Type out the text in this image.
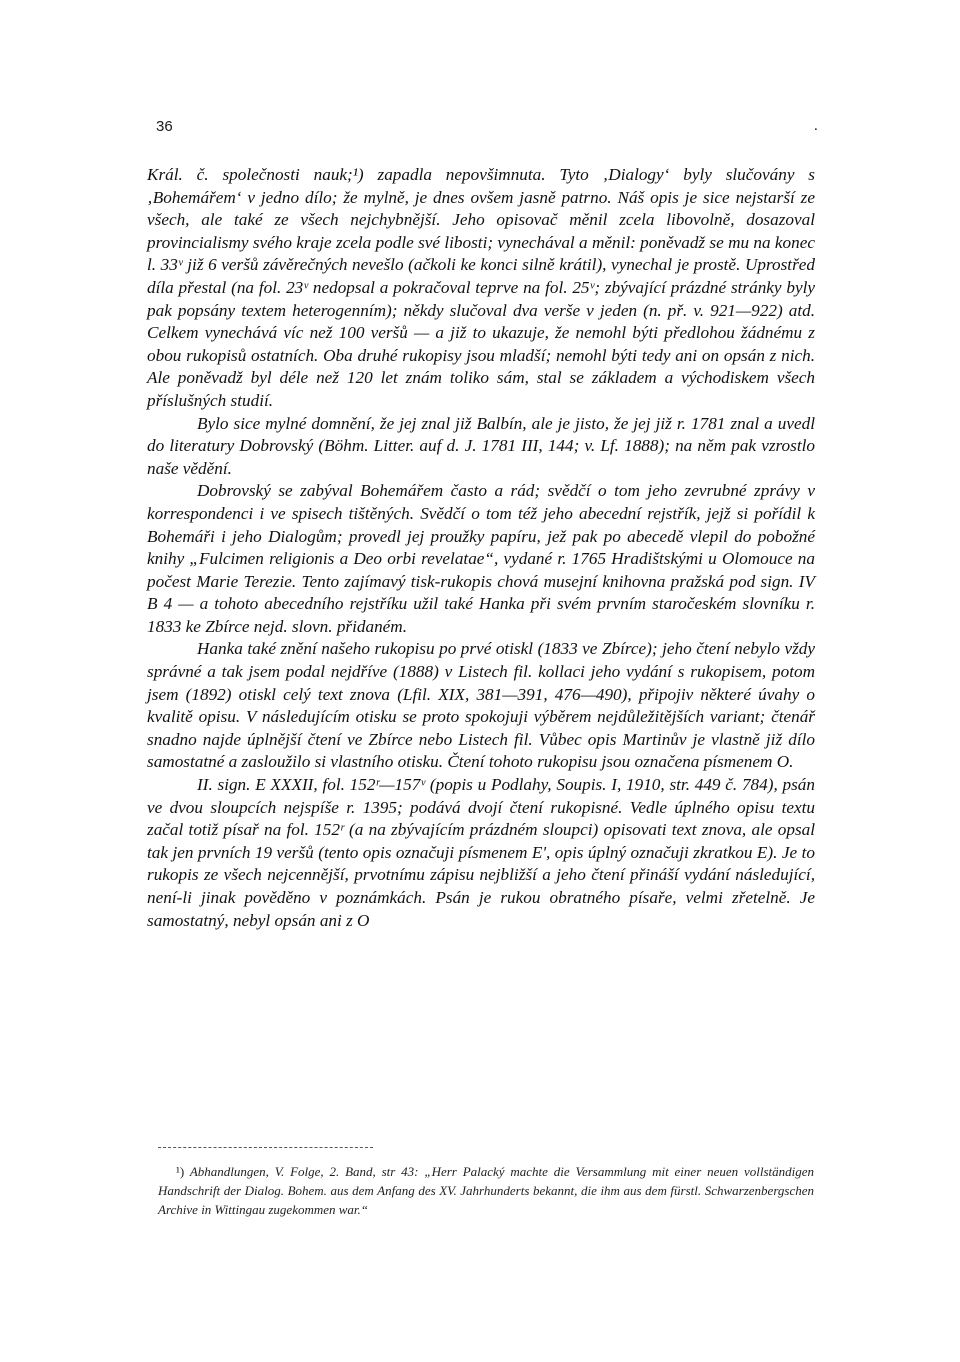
36	.

Král. č. společnosti nauk;¹) zapadla nepovšimnuta. Tyto ‚Dialogy‘ byly slučovány s ‚Bohemářem‘ v jedno dílo; že mylně, je dnes ovšem jasně patrno. Náš opis je sice nejstarší ze všech, ale také ze všech nejchybnější. Jeho opisovač měnil zcela libovolně, dosazoval provincialismy svého kraje zcela podle své libosti; vynechával a měnil: poněvadž se mu na konec l. 33ᵛ již 6 veršů závěrečných nevešlo (ačkoli ke konci silně krátil), vynechal je prostě. Uprostřed díla přestal (na fol. 23ᵛ nedopsal a pokračoval teprve na fol. 25ᵛ; zbývající prázdné stránky byly pak popsány textem heterogenním); někdy slučoval dva verše v jeden (n. př. v. 921—922) atd. Celkem vynechává víc než 100 veršů — a již to ukazuje, že nemohl býti předlohou žádnému z obou rukopisů ostatních. Oba druhé rukopisy jsou mladší; nemohl býti tedy ani on opsán z nich. Ale poněvadž byl déle než 120 let znám toliko sám, stal se základem a východiskem všech příslušných studií.

Bylo sice mylné domnění, že jej znal již Balbín, ale je jisto, že jej již r. 1781 znal a uvedl do literatury Dobrovský (Böhm. Litter. auf d. J. 1781 III, 144; v. Lf. 1888); na něm pak vzrostlo naše vědění.

Dobrovský se zabýval Bohemářem často a rád; svědčí o tom jeho zevrubné zprávy v korrespondenci i ve spisech tištěných. Svědčí o tom též jeho abecední rejstřík, jejž si pořídil k Bohemáři i jeho Dialogům; provedl jej proužky papíru, jež pak po abecedě vlepil do pobožné knihy „Fulcimen religionis a Deo orbi revelatae“, vydané r. 1765 Hradištskými u Olomouce na počest Marie Terezie. Tento zajímavý tisk-rukopis chová musejní knihovna pražská pod sign. IV B 4 — a tohoto abecedního rejstříku užil také Hanka při svém prvním staročeském slovníku r. 1833 ke Zbírce nejd. slovn. přidaném.

Hanka také znění našeho rukopisu po prvé otiskl (1833 ve Zbírce); jeho čtení nebylo vždy správné a tak jsem podal nejdříve (1888) v Listech fil. kollaci jeho vydání s rukopisem, potom jsem (1892) otiskl celý text znova (Lfil. XIX, 381—391, 476—490), připojiv některé úvahy o kvalitě opisu. V následujícím otisku se proto spokojuji výběrem nejdůležitějších variant; čtenář snadno najde úplnější čtení ve Zbírce nebo Listech fil. Vůbec opis Martinův je vlastně již dílo samostatné a zasloužilo si vlastního otisku. Čtení tohoto rukopisu jsou označena písmenem O.

II. sign. E XXXII, fol. 152ʳ—157ᵛ (popis u Podlahy, Soupis. I, 1910, str. 449 č. 784), psán ve dvou sloupcích nejspíše r. 1395; podává dvojí čtení rukopisné. Vedle úplného opisu textu začal totiž písař na fol. 152ʳ (a na zbývajícím prázdném sloupci) opisovati text znova, ale opsal tak jen prvních 19 veršů (tento opis označuji písmenem E', opis úplný označuji zkratkou E). Je to rukopis ze všech nejcennější, prvotnímu zápisu nejbližší a jeho čtení přináší vydání následující, není-li jinak pověděno v poznámkách. Psán je rukou obratného písaře, velmi zřetelně. Je samostatný, nebyl opsán ani z O

¹) Abhandlungen, V. Folge, 2. Band, str 43: „Herr Palacký machte die Versammlung mit einer neuen vollständigen Handschrift der Dialog. Bohem. aus dem Anfang des XV. Jahrhunderts bekannt, die ihm aus dem fürstl. Schwarzenbergschen Archive in Wittingau zugekommen war.“
